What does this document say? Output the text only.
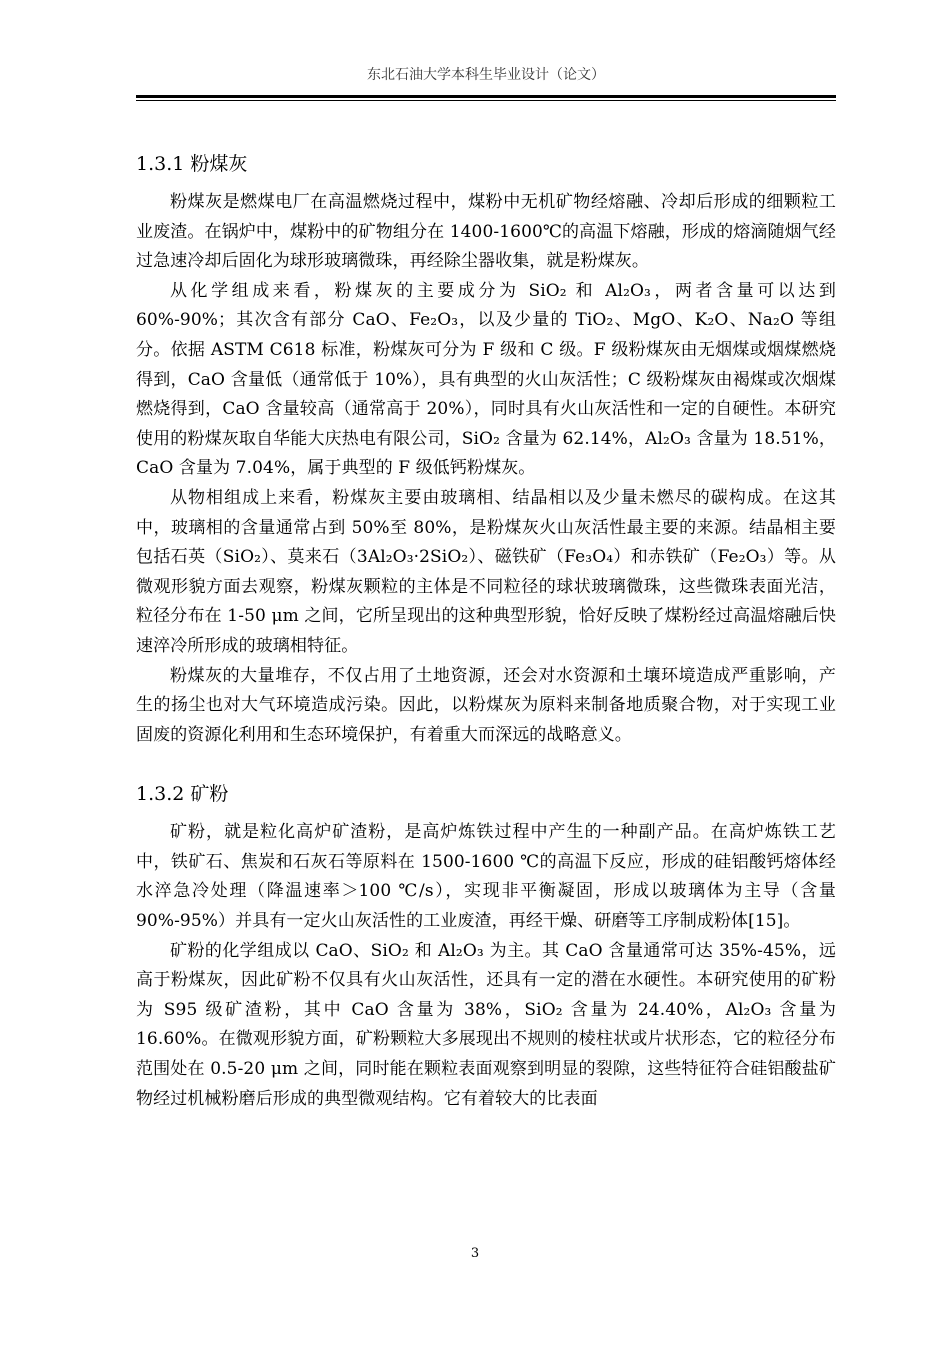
东北石油大学本科生毕业设计（论文）
1.3.1 粉煤灰

粉煤灰是燃煤电厂在高温燃烧过程中，煤粉中无机矿物经熔融、冷却后形成的细颗粒工业废渣。在锅炉中，煤粉中的矿物组分在 1400-1600℃的高温下熔融，形成的熔滴随烟气经过急速冷却后固化为球形玻璃微珠，再经除尘器收集，就是粉煤灰。

从化学组成来看，粉煤灰的主要成分为 SiO₂ 和 Al₂O₃，两者含量可以达到 60%-90%；其次含有部分 CaO、Fe₂O₃，以及少量的 TiO₂、MgO、K₂O、Na₂O 等组分。依据 ASTM C618 标准，粉煤灰可分为 F 级和 C 级。F 级粉煤灰由无烟煤或烟煤燃烧得到，CaO 含量低（通常低于 10%），具有典型的火山灰活性；C 级粉煤灰由褐煤或次烟煤燃烧得到，CaO 含量较高（通常高于 20%），同时具有火山灰活性和一定的自硬性。本研究使用的粉煤灰取自华能大庆热电有限公司，SiO₂ 含量为 62.14%，Al₂O₃ 含量为 18.51%，CaO 含量为 7.04%，属于典型的 F 级低钙粉煤灰。

从物相组成上来看，粉煤灰主要由玻璃相、结晶相以及少量未燃尽的碳构成。在这其中，玻璃相的含量通常占到 50%至 80%，是粉煤灰火山灰活性最主要的来源。结晶相主要包括石英（SiO₂）、莫来石（3Al₂O₃·2SiO₂）、磁铁矿（Fe₃O₄）和赤铁矿（Fe₂O₃）等。从微观形貌方面去观察，粉煤灰颗粒的主体是不同粒径的球状玻璃微珠，这些微珠表面光洁，粒径分布在 1-50 μm 之间，它所呈现出的这种典型形貌，恰好反映了煤粉经过高温熔融后快速淬冷所形成的玻璃相特征。

粉煤灰的大量堆存，不仅占用了土地资源，还会对水资源和土壤环境造成严重影响，产生的扬尘也对大气环境造成污染。因此，以粉煤灰为原料来制备地质聚合物，对于实现工业固废的资源化利用和生态环境保护，有着重大而深远的战略意义。

1.3.2 矿粉

矿粉，就是粒化高炉矿渣粉，是高炉炼铁过程中产生的一种副产品。在高炉炼铁工艺中，铁矿石、焦炭和石灰石等原料在 1500-1600 ℃的高温下反应，形成的硅铝酸钙熔体经水淬急冷处理（降温速率＞100 ℃/s），实现非平衡凝固，形成以玻璃体为主导（含量 90%-95%）并具有一定火山灰活性的工业废渣，再经干燥、研磨等工序制成粉体[15]。

矿粉的化学组成以 CaO、SiO₂ 和 Al₂O₃ 为主。其 CaO 含量通常可达 35%-45%，远高于粉煤灰，因此矿粉不仅具有火山灰活性，还具有一定的潜在水硬性。本研究使用的矿粉为 S95 级矿渣粉，其中 CaO 含量为 38%，SiO₂ 含量为 24.40%，Al₂O₃ 含量为 16.60%。在微观形貌方面，矿粉颗粒大多展现出不规则的棱柱状或片状形态，它的粒径分布范围处在 0.5-20 μm 之间，同时能在颗粒表面观察到明显的裂隙，这些特征符合硅铝酸盐矿物经过机械粉磨后形成的典型微观结构。它有着较大的比表面

3
